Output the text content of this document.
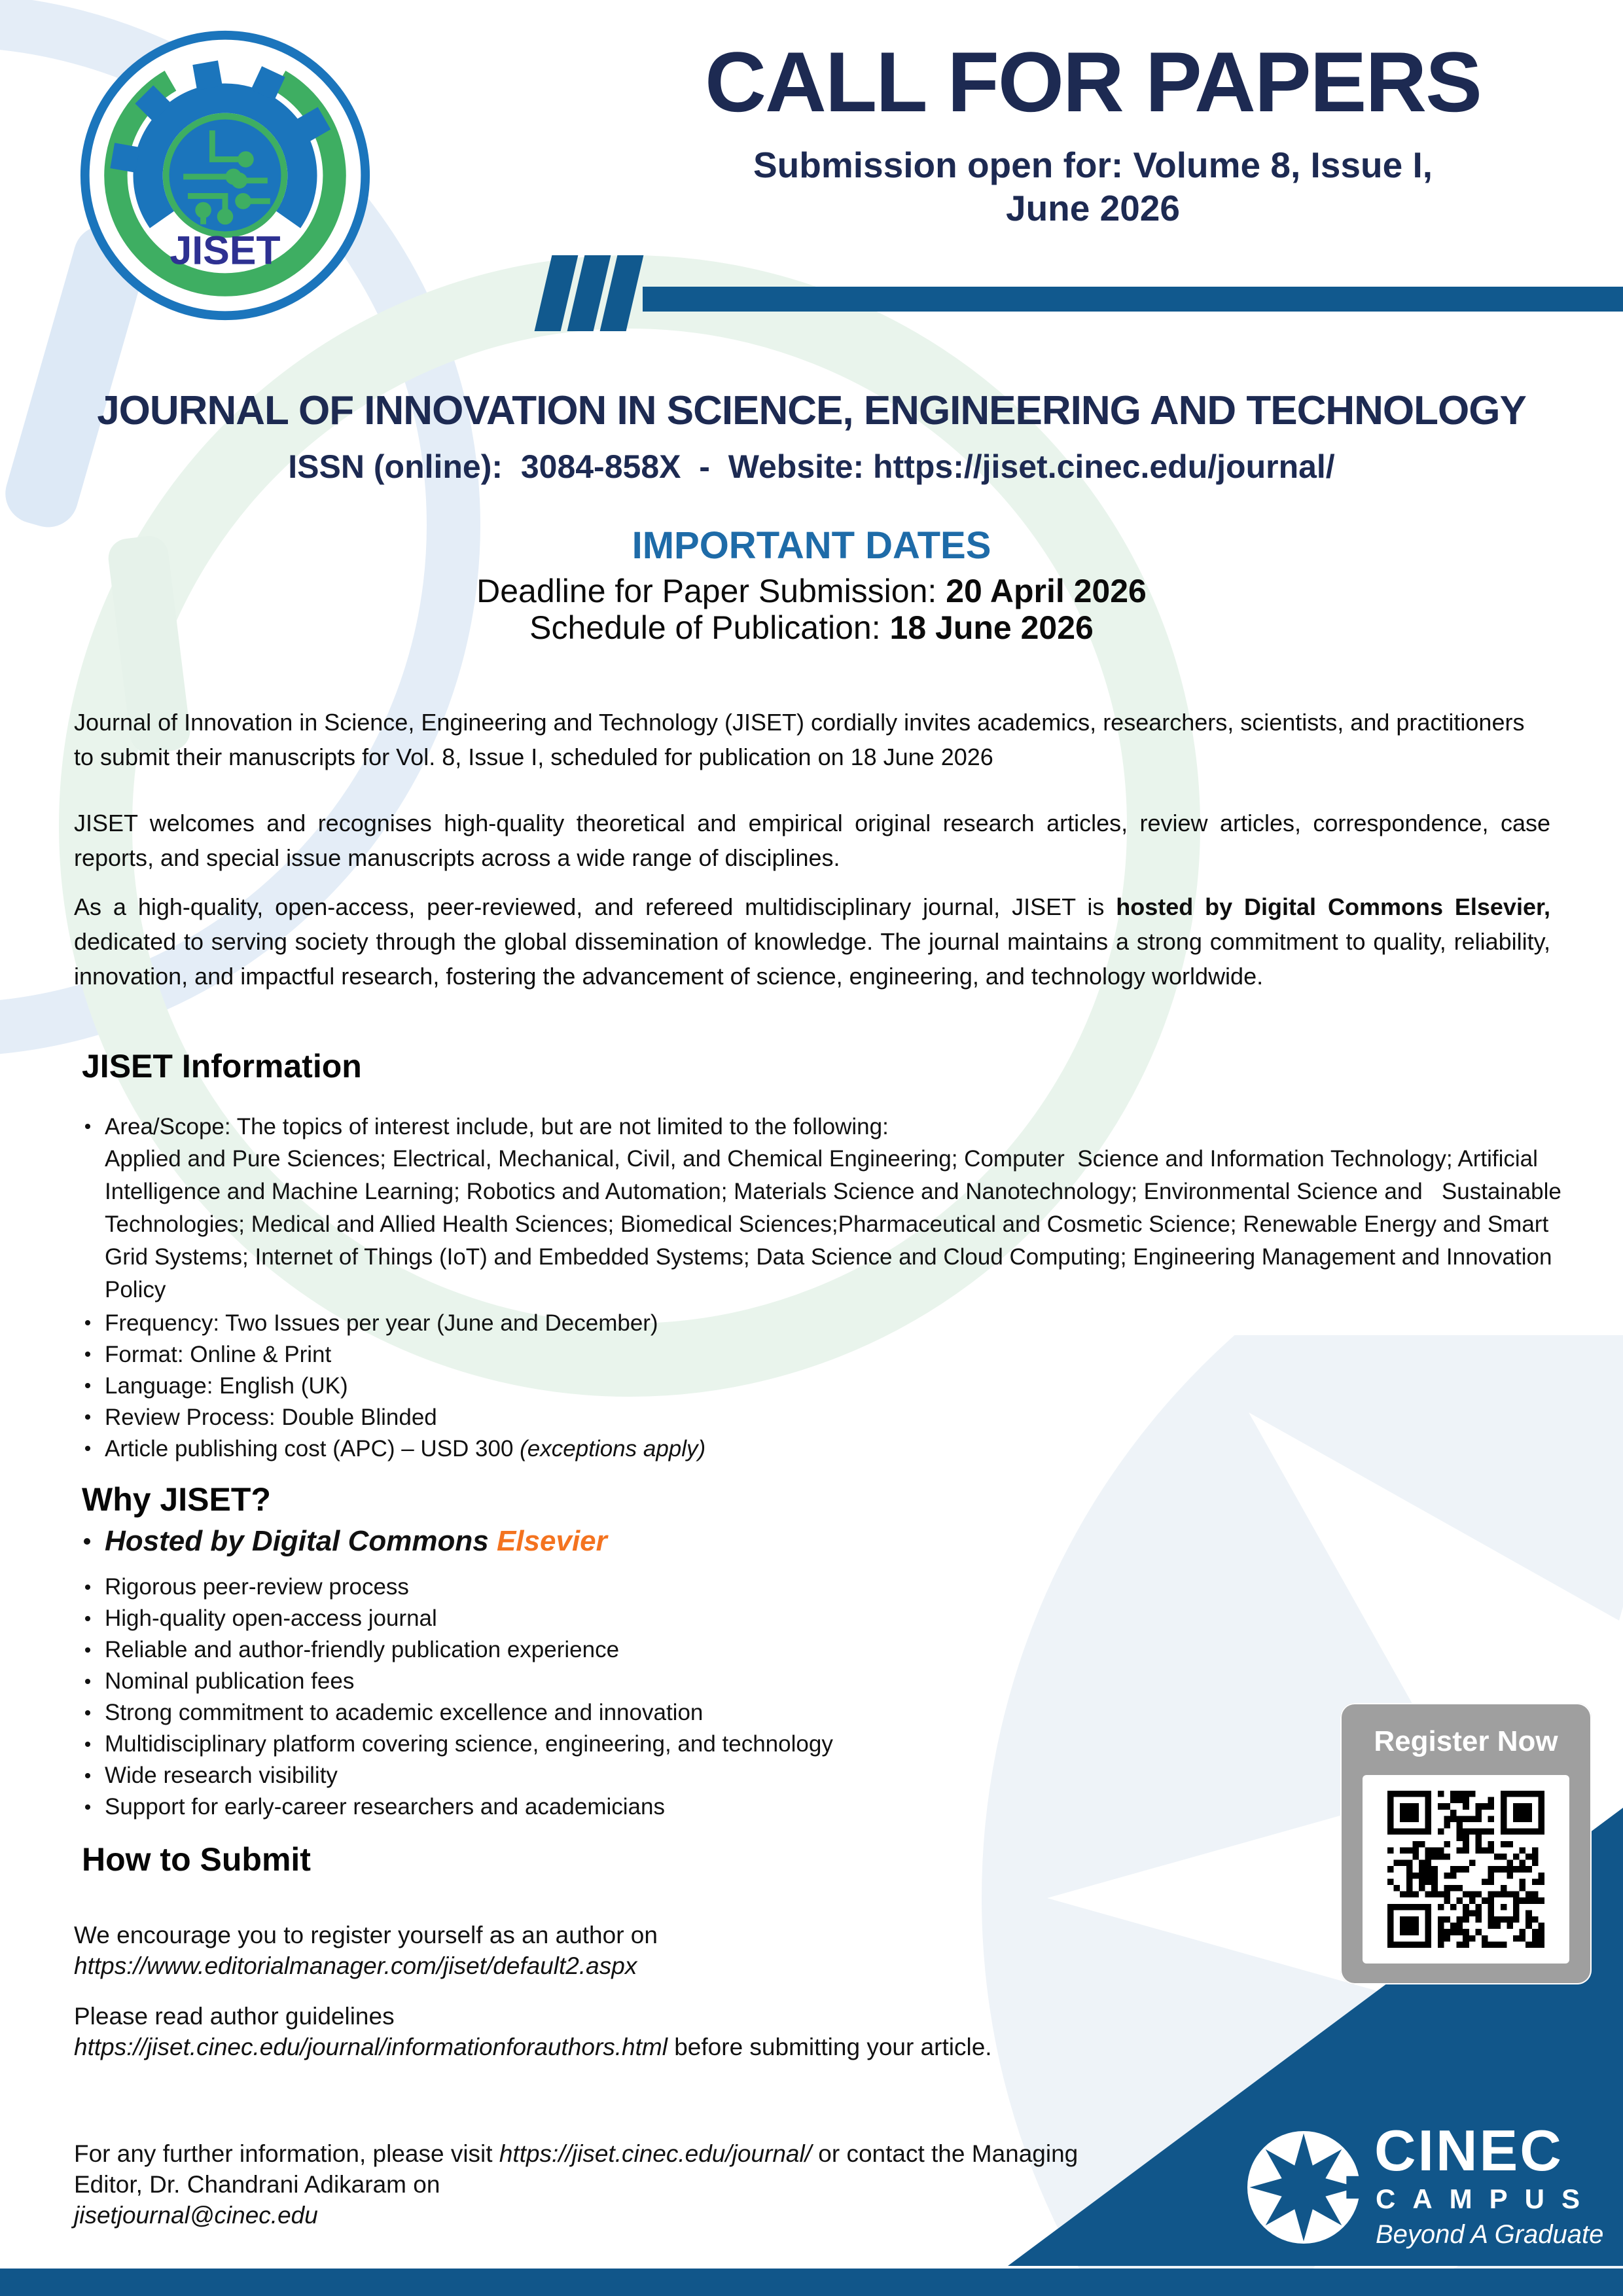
JISET
CALL FOR PAPERS
Submission open for: Volume 8, Issue I,
June 2026
JOURNAL OF INNOVATION IN SCIENCE, ENGINEERING AND TECHNOLOGY
ISSN (online):  3084-858X  -  Website: https://jiset.cinec.edu/journal/
IMPORTANT DATES
Deadline for Paper Submission: 20 April 2026
Schedule of Publication: 18 June 2026

Journal of Innovation in Science, Engineering and Technology (JISET) cordially invites academics, researchers, scientists, and practitioners to submit their manuscripts for Vol. 8, Issue I, scheduled for publication on 18 June 2026

JISET welcomes and recognises high-quality theoretical and empirical original research articles, review articles, correspondence, case reports, and special issue manuscripts across a wide range of disciplines.

As a high-quality, open-access, peer-reviewed, and refereed multidisciplinary journal, JISET is hosted by Digital Commons Elsevier, dedicated to serving society through the global dissemination of knowledge. The journal maintains a strong commitment to quality, reliability, innovation, and impactful research, fostering the advancement of science, engineering, and technology worldwide.

JISET Information
Area/Scope: The topics of interest include, but are not limited to the following:
Applied and Pure Sciences; Electrical, Mechanical, Civil, and Chemical Engineering; Computer  Science and Information Technology; Artificial Intelligence and Machine Learning; Robotics and Automation; Materials Science and Nanotechnology; Environmental Science and   Sustainable Technologies; Medical and Allied Health Sciences; Biomedical Sciences;Pharmaceutical and Cosmetic Science; Renewable Energy and Smart Grid Systems; Internet of Things (IoT) and Embedded Systems; Data Science and Cloud Computing; Engineering Management and Innovation Policy
Frequency: Two Issues per year (June and December)
Format: Online & Print
Language: English (UK)
Review Process: Double Blinded
Article publishing cost (APC) – USD 300 (exceptions apply)
Why JISET?
Hosted by Digital Commons Elsevier
Rigorous peer-review process
High-quality open-access journal
Reliable and author-friendly publication experience
Nominal publication fees
Strong commitment to academic excellence and innovation
Multidisciplinary platform covering science, engineering, and technology
Wide research visibility
Support for early-career researchers and academicians
How to Submit

We encourage you to register yourself as an author on
https://www.editorialmanager.com/jiset/default2.aspx

Please read author guidelines
https://jiset.cinec.edu/journal/informationforauthors.html before submitting your article.

For any further information, please visit https://jiset.cinec.edu/journal/ or contact the Managing Editor, Dr. Chandrani Adikaram on
jisetjournal@cinec.edu

Register Now
CINEC
CAMPUS
Beyond A Graduate
